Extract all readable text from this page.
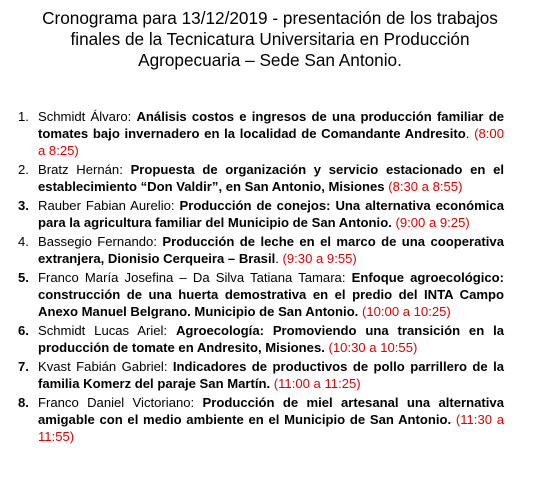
Cronograma para 13/12/2019 - presentación de los trabajos
finales de la Tecnicatura Universitaria en Producción
Agropecuaria – Sede San Antonio.
1. Schmidt Álvaro: Análisis costos e ingresos de una producción familiar de tomates bajo invernadero en la localidad de Comandante Andresito. (8:00 a 8:25)
2. Bratz Hernán: Propuesta de organización y servicio estacionado en el establecimiento “Don Valdir”, en San Antonio, Misiones (8:30 a 8:55)
3. Rauber Fabian Aurelio: Producción de conejos: Una alternativa económica para la agricultura familiar del Municipio de San Antonio. (9:00 a 9:25)
4. Bassegio Fernando: Producción de leche en el marco de una cooperativa extranjera, Dionisio Cerqueira – Brasil. (9:30 a 9:55)
5. Franco María Josefina – Da Silva Tatiana Tamara: Enfoque agroecológico: construcción de una huerta demostrativa en el predio del INTA Campo Anexo Manuel Belgrano. Municipio de San Antonio. (10:00 a 10:25)
6. Schmidt Lucas Ariel: Agroecología: Promoviendo una transición en la producción de tomate en Andresito, Misiones. (10:30 a 10:55)
7. Kvast Fabián Gabriel: Indicadores de productivos de pollo parrillero de la familia Komerz del paraje San Martín. (11:00 a 11:25)
8. Franco Daniel Victoriano: Producción de miel artesanal una alternativa amigable con el medio ambiente en el Municipio de San Antonio. (11:30 a 11:55)
